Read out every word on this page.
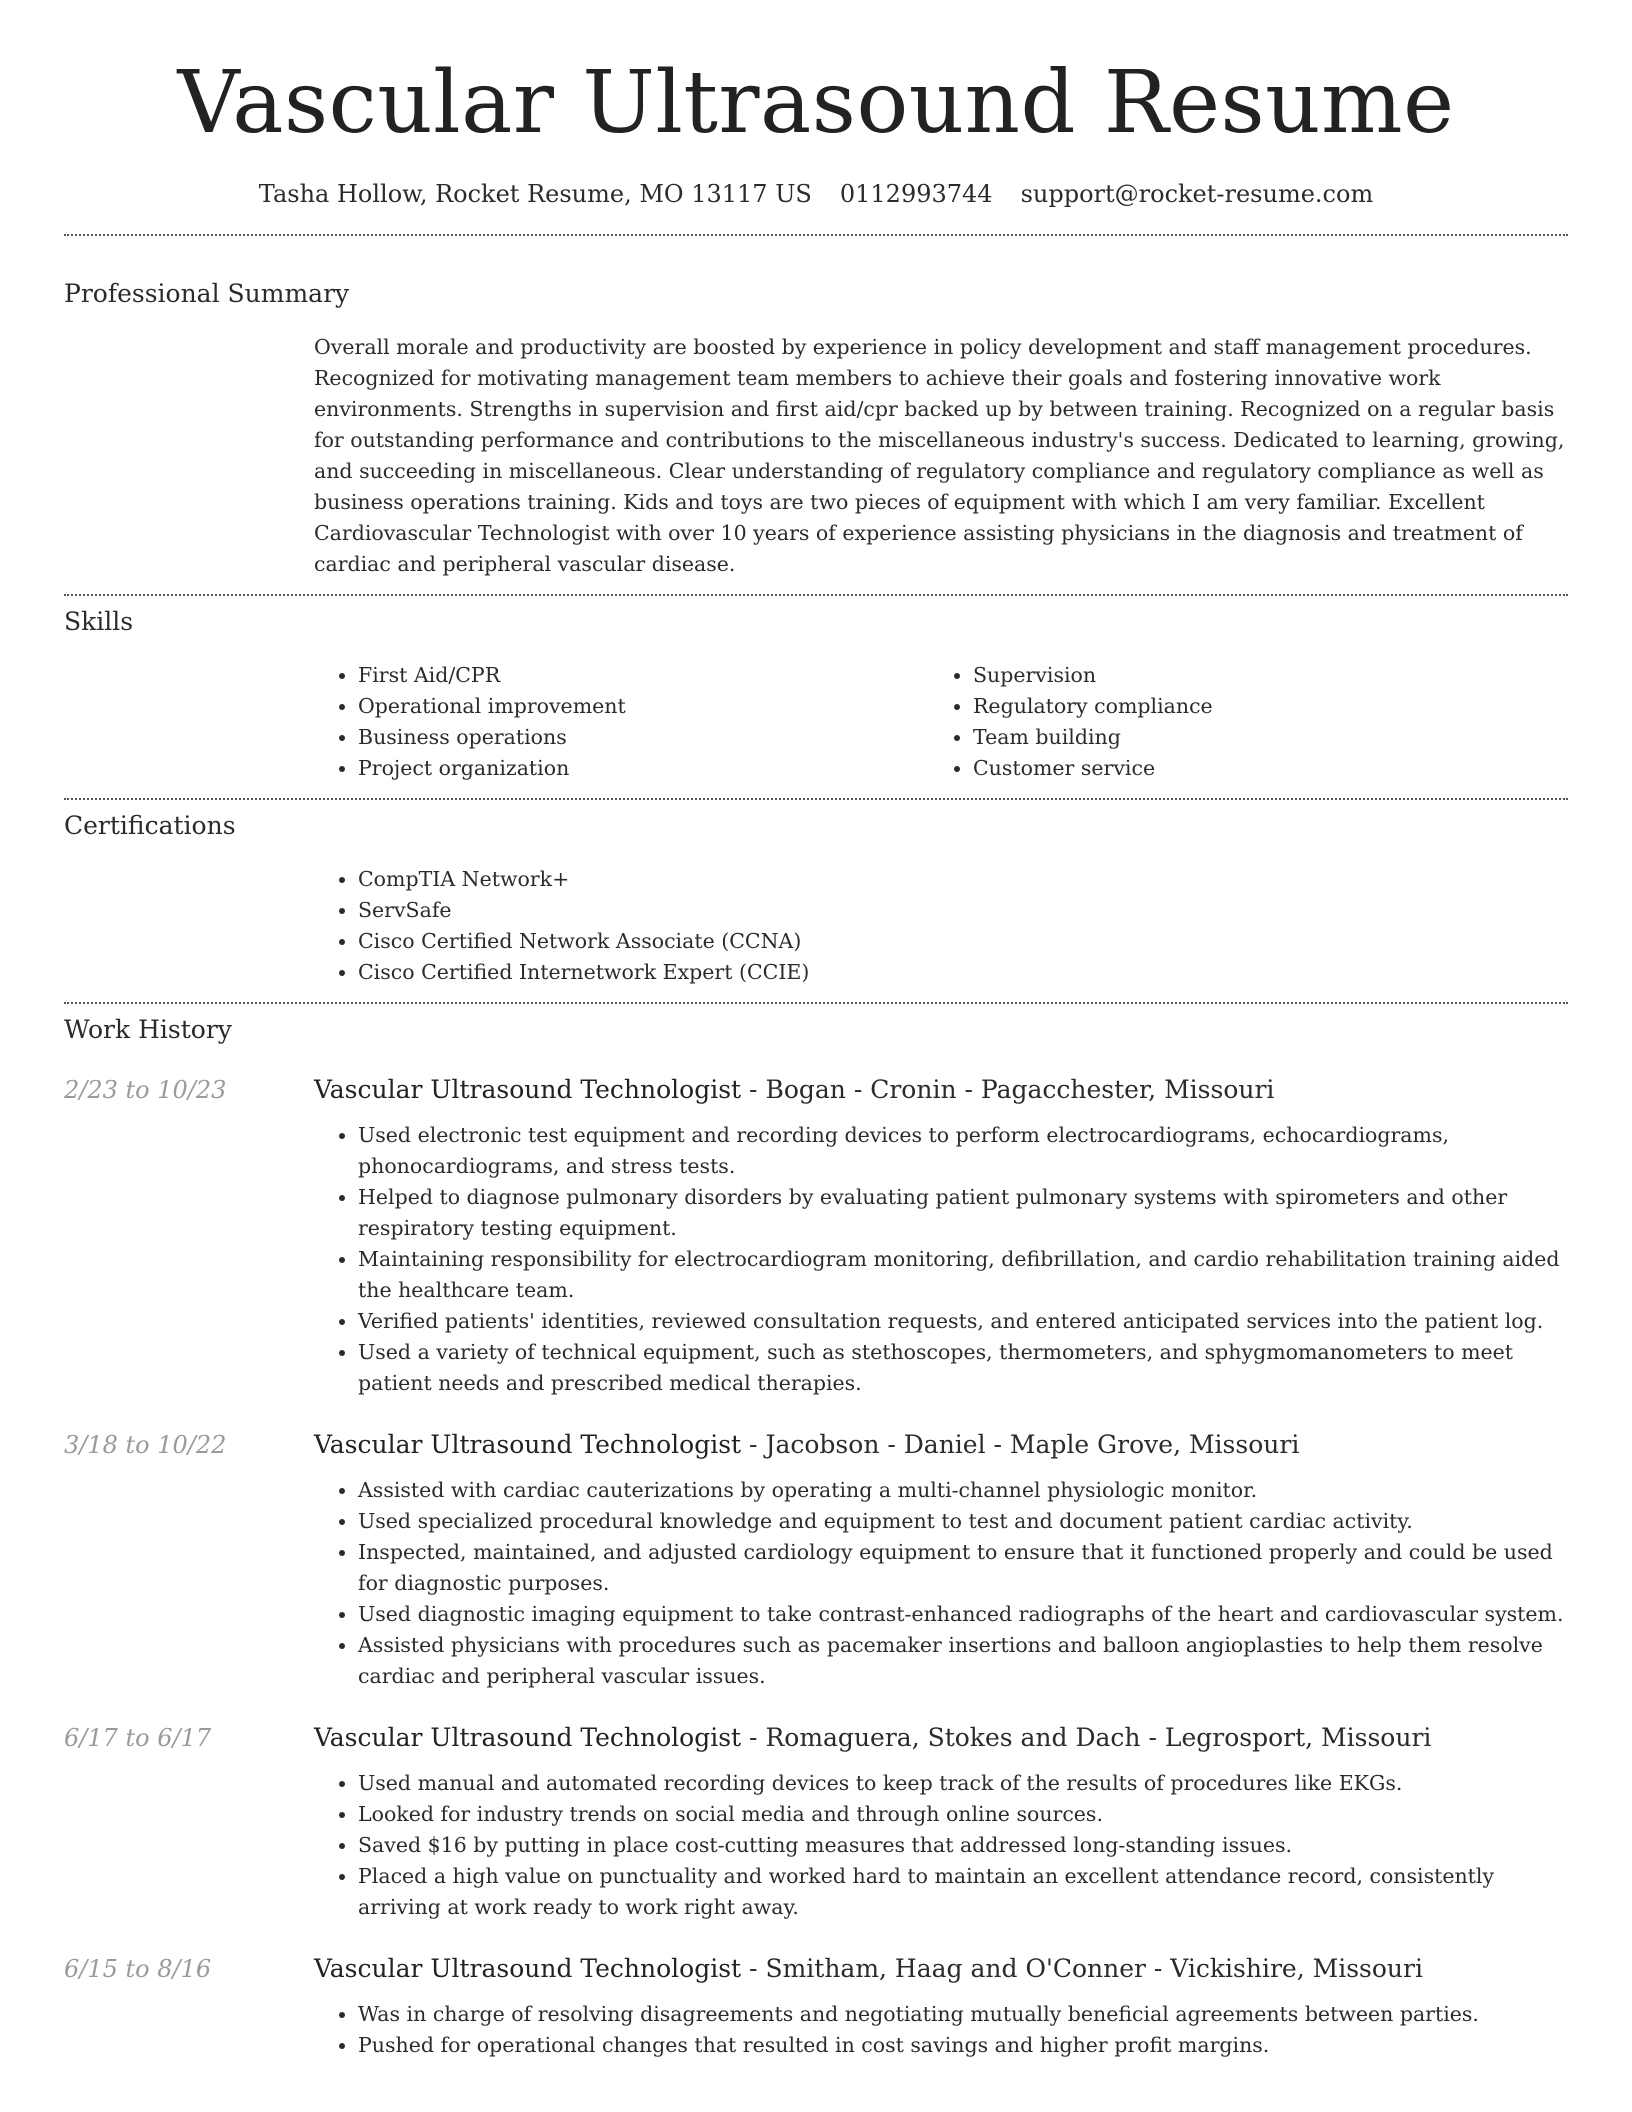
Vascular Ultrasound Resume
Tasha Hollow, Rocket Resume, MO 13117 US 0112993744 support@rocket-resume.com
Professional Summary
Overall morale and productivity are boosted by experience in policy development and staff management procedures. Recognized for motivating management team members to achieve their goals and fostering innovative work environments. Strengths in supervision and first aid/cpr backed up by between training. Recognized on a regular basis for outstanding performance and contributions to the miscellaneous industry's success. Dedicated to learning, growing, and succeeding in miscellaneous. Clear understanding of regulatory compliance and regulatory compliance as well as business operations training. Kids and toys are two pieces of equipment with which I am very familiar. Excellent Cardiovascular Technologist with over 10 years of experience assisting physicians in the diagnosis and treatment of cardiac and peripheral vascular disease.
Skills
• First Aid/CPR
• Operational improvement
• Business operations
• Project organization
• Supervision
• Regulatory compliance
• Team building
• Customer service
Certifications
• CompTIA Network+
• ServSafe
• Cisco Certified Network Associate (CCNA)
• Cisco Certified Internetwork Expert (CCIE)
Work History
2/23 to 10/23	Vascular Ultrasound Technologist - Bogan - Cronin - Pagacchester, Missouri
• Used electronic test equipment and recording devices to perform electrocardiograms, echocardiograms, phonocardiograms, and stress tests.
• Helped to diagnose pulmonary disorders by evaluating patient pulmonary systems with spirometers and other respiratory testing equipment.
• Maintaining responsibility for electrocardiogram monitoring, defibrillation, and cardio rehabilitation training aided the healthcare team.
• Verified patients' identities, reviewed consultation requests, and entered anticipated services into the patient log.
• Used a variety of technical equipment, such as stethoscopes, thermometers, and sphygmomanometers to meet patient needs and prescribed medical therapies.
3/18 to 10/22	Vascular Ultrasound Technologist - Jacobson - Daniel - Maple Grove, Missouri
• Assisted with cardiac cauterizations by operating a multi-channel physiologic monitor.
• Used specialized procedural knowledge and equipment to test and document patient cardiac activity.
• Inspected, maintained, and adjusted cardiology equipment to ensure that it functioned properly and could be used for diagnostic purposes.
• Used diagnostic imaging equipment to take contrast-enhanced radiographs of the heart and cardiovascular system.
• Assisted physicians with procedures such as pacemaker insertions and balloon angioplasties to help them resolve cardiac and peripheral vascular issues.
6/17 to 6/17	Vascular Ultrasound Technologist - Romaguera, Stokes and Dach - Legrosport, Missouri
• Used manual and automated recording devices to keep track of the results of procedures like EKGs.
• Looked for industry trends on social media and through online sources.
• Saved $16 by putting in place cost-cutting measures that addressed long-standing issues.
• Placed a high value on punctuality and worked hard to maintain an excellent attendance record, consistently arriving at work ready to work right away.
6/15 to 8/16	Vascular Ultrasound Technologist - Smitham, Haag and O'Conner - Vickishire, Missouri
• Was in charge of resolving disagreements and negotiating mutually beneficial agreements between parties.
• Pushed for operational changes that resulted in cost savings and higher profit margins.
